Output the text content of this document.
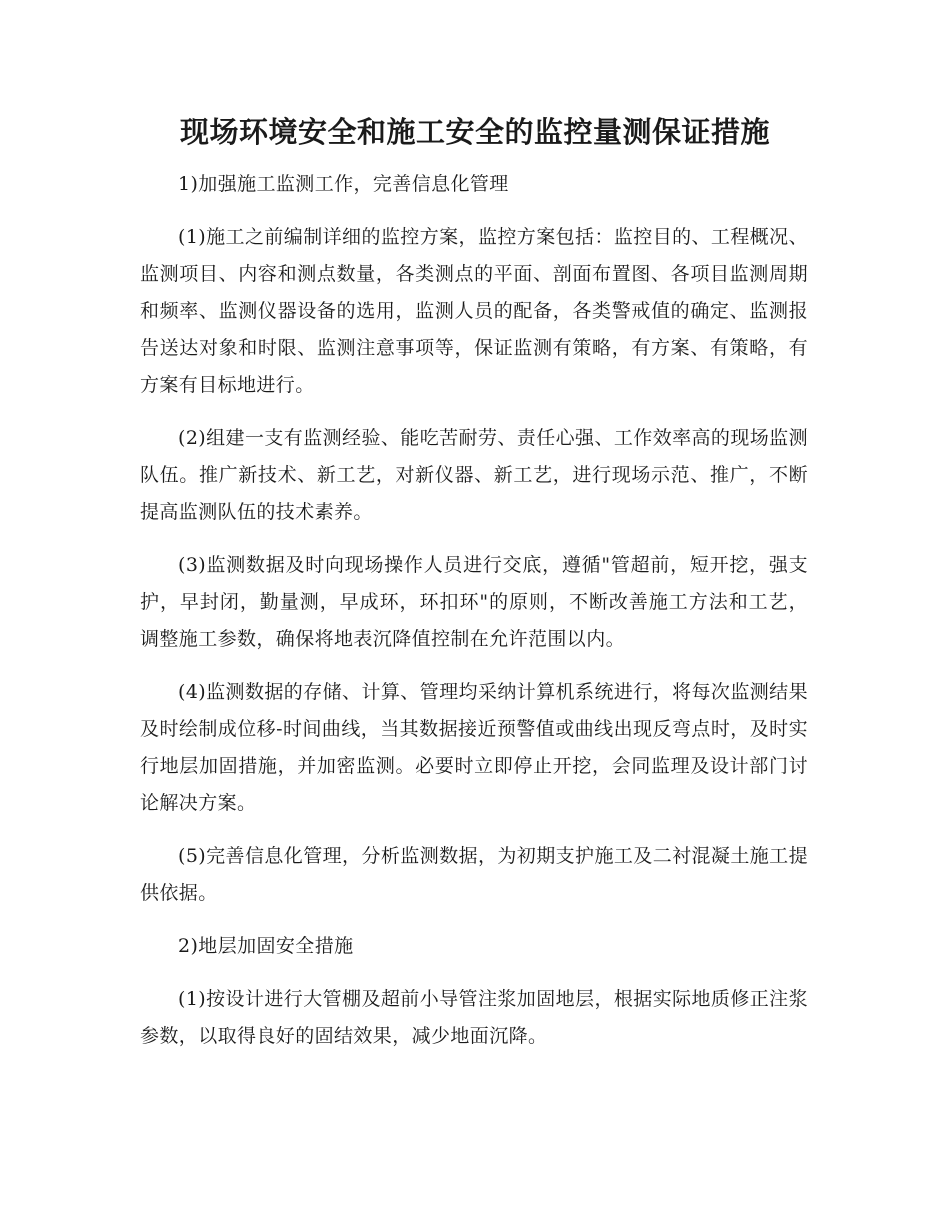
现场环境安全和施工安全的监控量测保证措施

1)加强施工监测工作，完善信息化管理

(1)施工之前编制详细的监控方案，监控方案包括：监控目的、工程概况、监测项目、内容和测点数量，各类测点的平面、剖面布置图、各项目监测周期和频率、监测仪器设备的选用，监测人员的配备，各类警戒值的确定、监测报告送达对象和时限、监测注意事项等，保证监测有策略，有方案、有策略，有方案有目标地进行。

(2)组建一支有监测经验、能吃苦耐劳、责任心强、工作效率高的现场监测队伍。推广新技术、新工艺，对新仪器、新工艺，进行现场示范、推广，不断提高监测队伍的技术素养。

(3)监测数据及时向现场操作人员进行交底，遵循"管超前，短开挖，强支护，早封闭，勤量测，早成环，环扣环"的原则，不断改善施工方法和工艺，调整施工参数，确保将地表沉降值控制在允许范围以内。

(4)监测数据的存储、计算、管理均采纳计算机系统进行，将每次监测结果及时绘制成位移-时间曲线，当其数据接近预警值或曲线出现反弯点时，及时实行地层加固措施，并加密监测。必要时立即停止开挖，会同监理及设计部门讨论解决方案。

(5)完善信息化管理，分析监测数据，为初期支护施工及二衬混凝土施工提供依据。

2)地层加固安全措施

(1)按设计进行大管棚及超前小导管注浆加固地层，根据实际地质修正注浆参数，以取得良好的固结效果，减少地面沉降。
